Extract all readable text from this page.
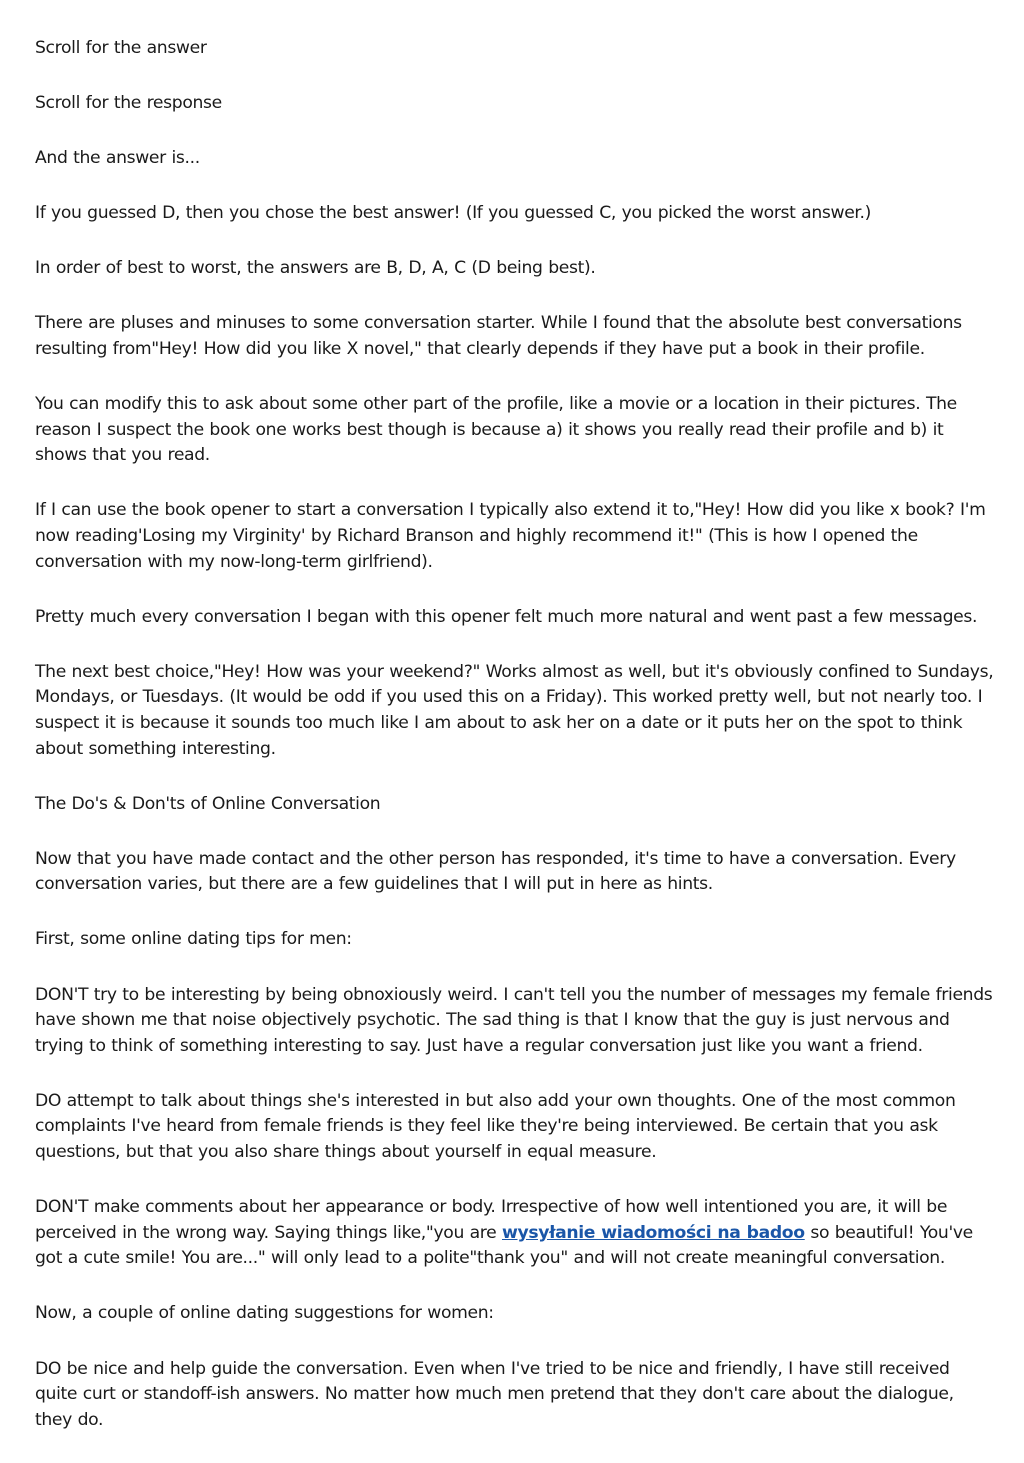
Scroll for the answer

Scroll for the response

And the answer is...

If you guessed D, then you chose the best answer! (If you guessed C, you picked the worst answer.)

In order of best to worst, the answers are B, D, A, C (D being best).

There are pluses and minuses to some conversation starter. While I found that the absolute best conversations resulting from"Hey! How did you like X novel," that clearly depends if they have put a book in their profile.

You can modify this to ask about some other part of the profile, like a movie or a location in their pictures. The reason I suspect the book one works best though is because a) it shows you really read their profile and b) it shows that you read.

If I can use the book opener to start a conversation I typically also extend it to,"Hey! How did you like x book? I'm now reading'Losing my Virginity' by Richard Branson and highly recommend it!" (This is how I opened the conversation with my now-long-term girlfriend).

Pretty much every conversation I began with this opener felt much more natural and went past a few messages.

The next best choice,"Hey! How was your weekend?" Works almost as well, but it's obviously confined to Sundays, Mondays, or Tuesdays. (It would be odd if you used this on a Friday). This worked pretty well, but not nearly too. I suspect it is because it sounds too much like I am about to ask her on a date or it puts her on the spot to think about something interesting.

The Do's & Don'ts of Online Conversation

Now that you have made contact and the other person has responded, it's time to have a conversation. Every conversation varies, but there are a few guidelines that I will put in here as hints.

First, some online dating tips for men:

DON'T try to be interesting by being obnoxiously weird. I can't tell you the number of messages my female friends have shown me that noise objectively psychotic. The sad thing is that I know that the guy is just nervous and trying to think of something interesting to say. Just have a regular conversation just like you want a friend.

DO attempt to talk about things she's interested in but also add your own thoughts. One of the most common complaints I've heard from female friends is they feel like they're being interviewed. Be certain that you ask questions, but that you also share things about yourself in equal measure.

DON'T make comments about her appearance or body. Irrespective of how well intentioned you are, it will be perceived in the wrong way. Saying things like,"you are wysyłanie wiadomości na badoo so beautiful! You've got a cute smile! You are..." will only lead to a polite"thank you" and will not create meaningful conversation.

Now, a couple of online dating suggestions for women:

DO be nice and help guide the conversation. Even when I've tried to be nice and friendly, I have still received quite curt or standoff-ish answers. No matter how much men pretend that they don't care about the dialogue, they do.
